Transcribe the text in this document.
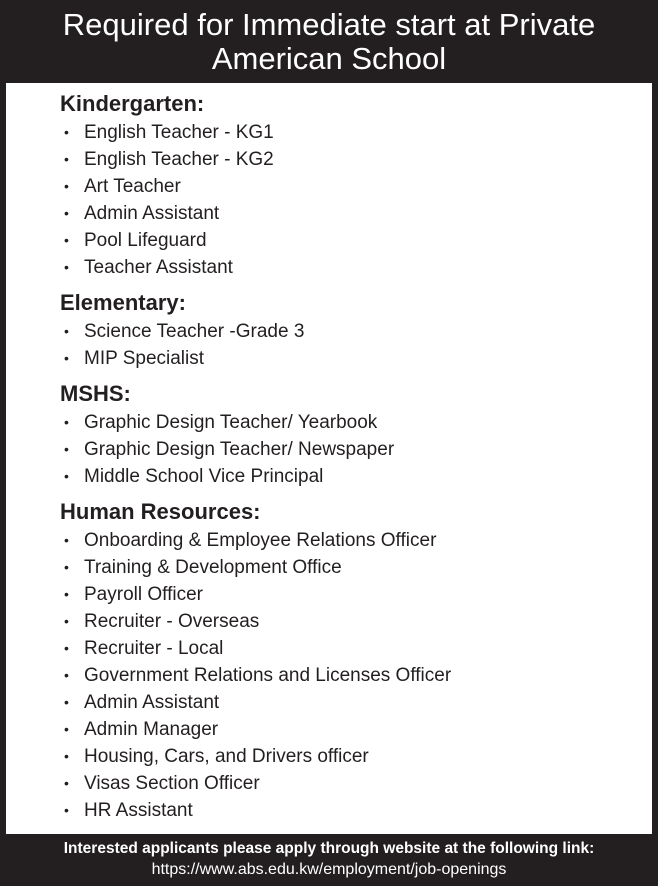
Required for Immediate start at Private
American School
Kindergarten:
• English Teacher - KG1
• English Teacher - KG2
• Art Teacher
• Admin Assistant
• Pool Lifeguard
• Teacher Assistant
Elementary:
• Science Teacher -Grade 3
• MIP Specialist
MSHS:
• Graphic Design Teacher/ Yearbook
• Graphic Design Teacher/ Newspaper
• Middle School Vice Principal
Human Resources:
• Onboarding & Employee Relations Officer
• Training & Development Office
• Payroll Officer
• Recruiter - Overseas
• Recruiter - Local
• Government Relations and Licenses Officer
• Admin Assistant
• Admin Manager
• Housing, Cars, and Drivers officer
• Visas Section Officer
• HR Assistant
Interested applicants please apply through website at the following link:
https://www.abs.edu.kw/employment/job-openings
